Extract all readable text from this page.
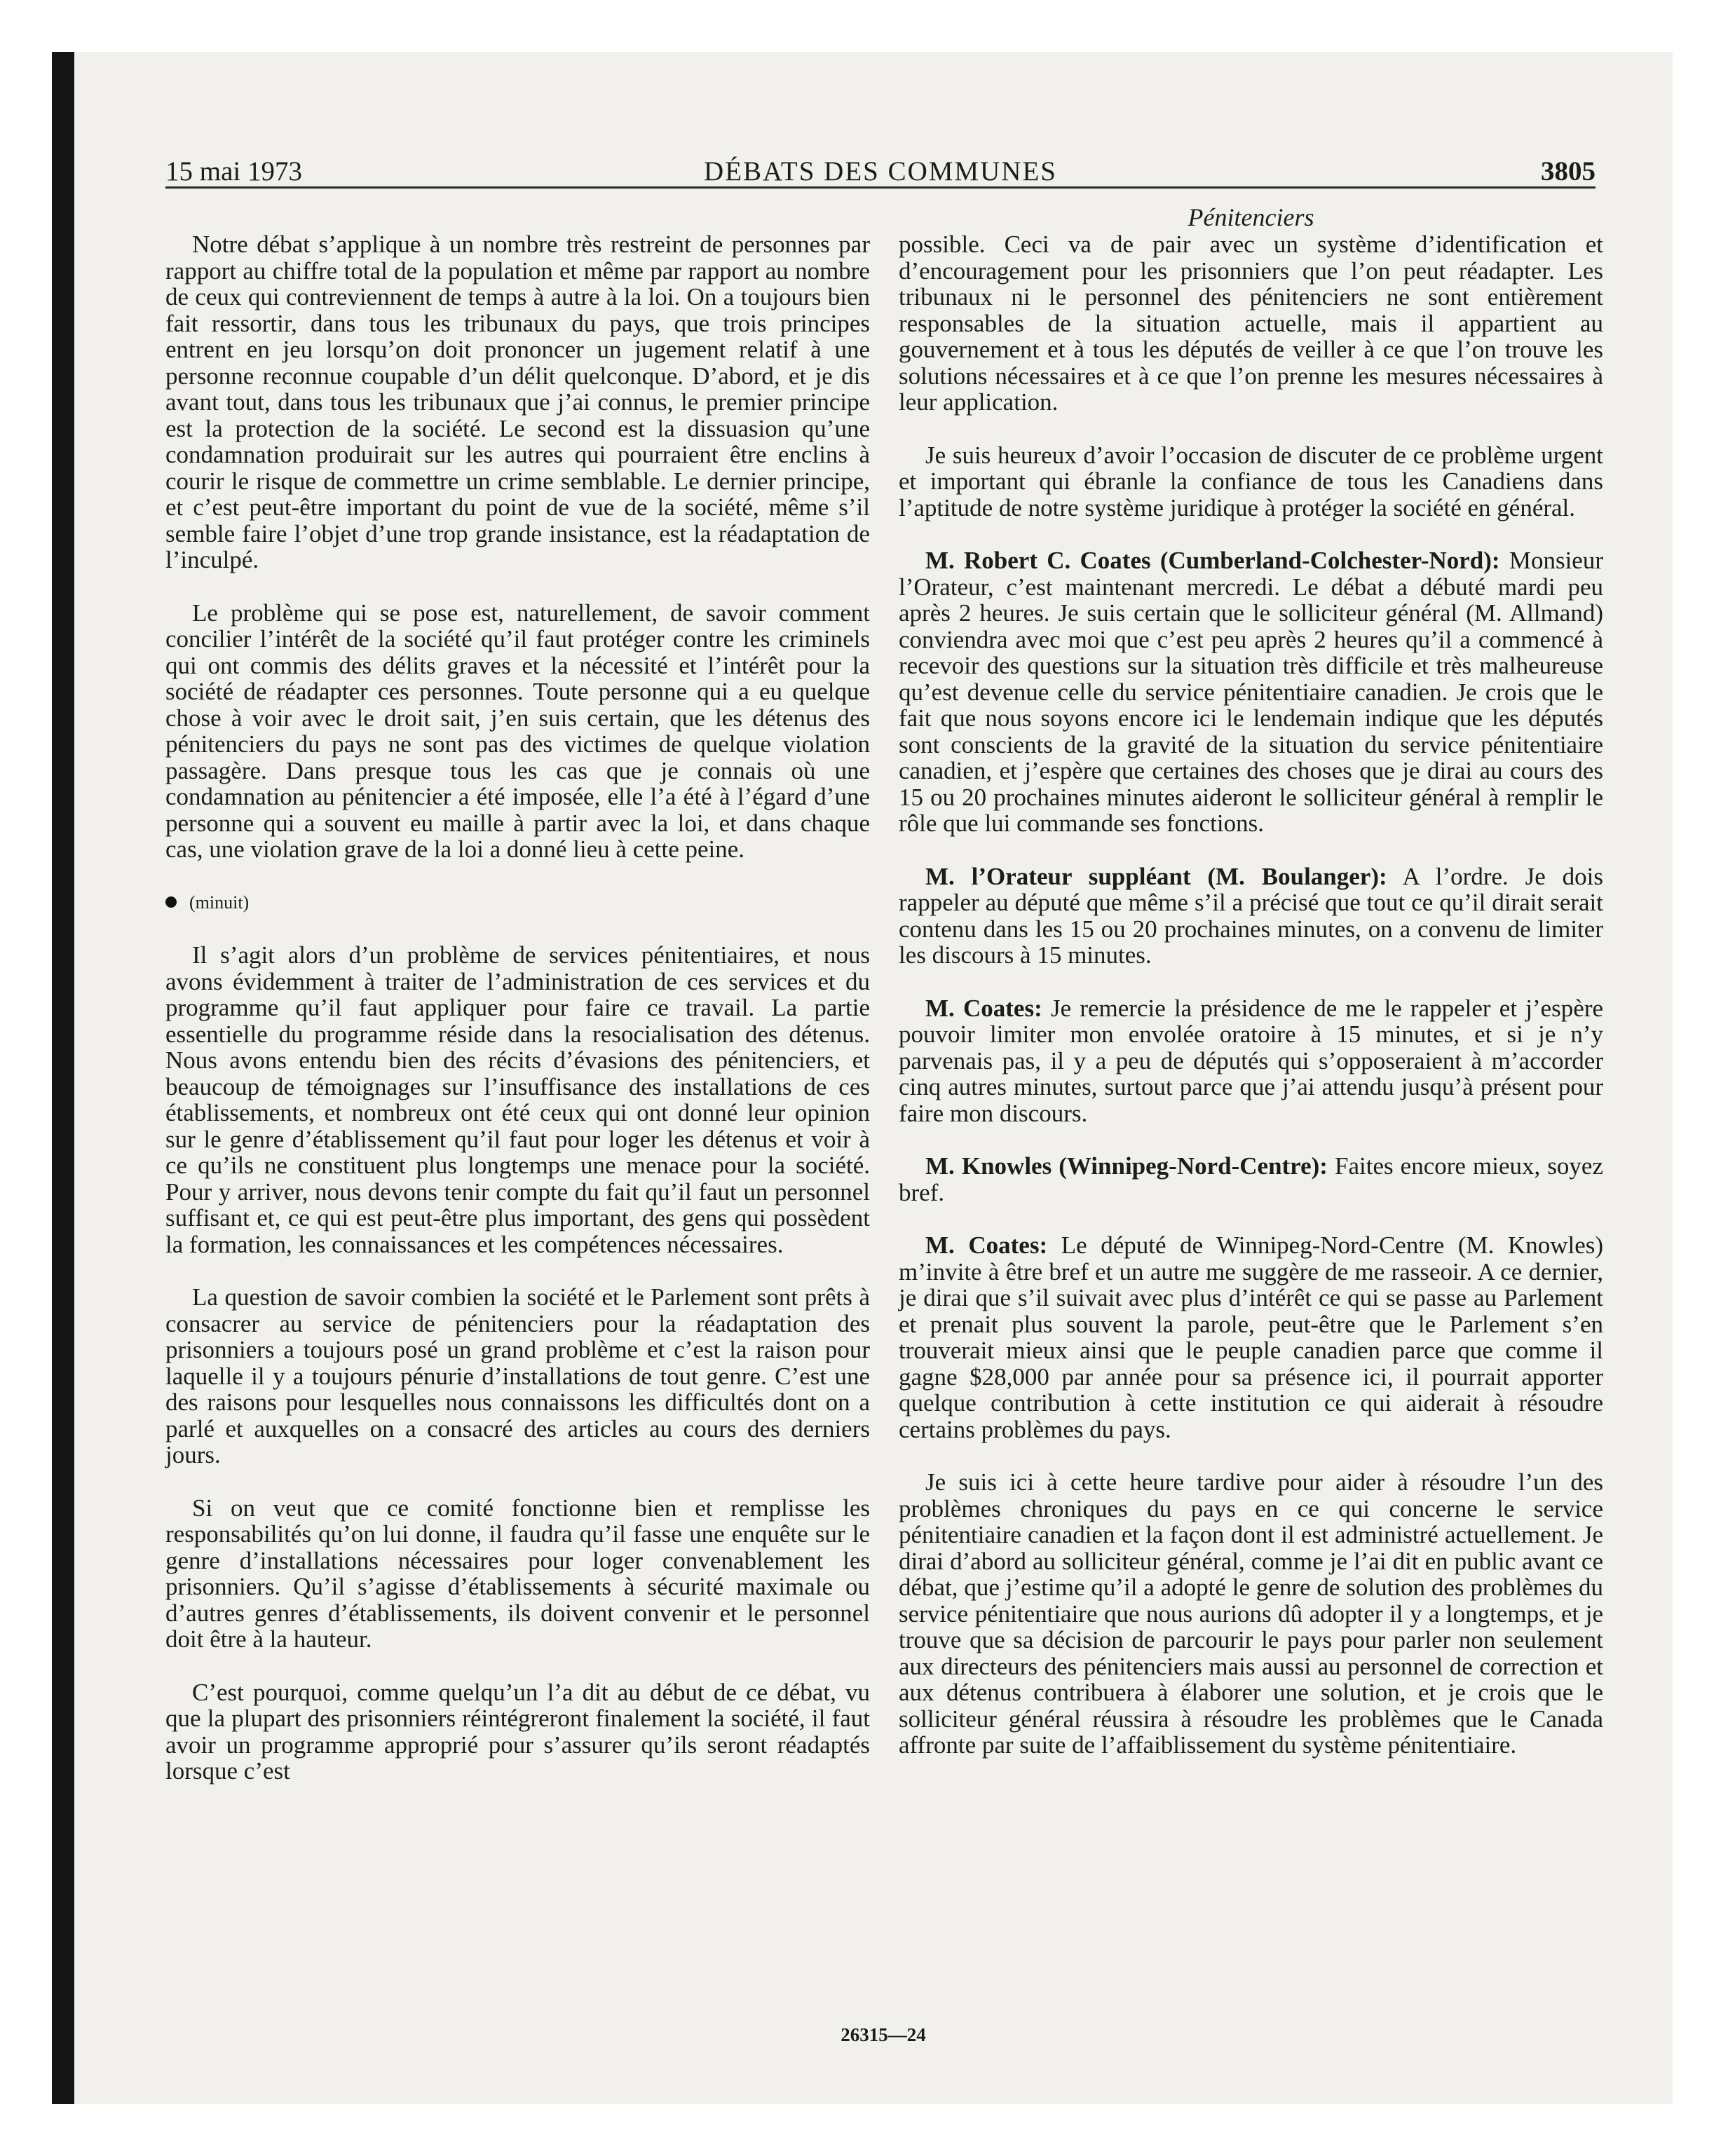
15 mai 1973	DÉBATS DES COMMUNES	3805

Notre débat s’applique à un nombre très restreint de personnes par rapport au chiffre total de la population et même par rapport au nombre de ceux qui contreviennent de temps à autre à la loi. On a toujours bien fait ressortir, dans tous les tribunaux du pays, que trois principes entrent en jeu lorsqu’on doit prononcer un jugement relatif à une personne reconnue coupable d’un délit quelconque. D’abord, et je dis avant tout, dans tous les tribunaux que j’ai connus, le premier principe est la protection de la société. Le second est la dissuasion qu’une condamnation produirait sur les autres qui pourraient être enclins à courir le risque de commettre un crime semblable. Le dernier principe, et c’est peut-être important du point de vue de la société, même s’il semble faire l’objet d’une trop grande insistance, est la réadaptation de l’inculpé.

Le problème qui se pose est, naturellement, de savoir comment concilier l’intérêt de la société qu’il faut protéger contre les criminels qui ont commis des délits graves et la nécessité et l’intérêt pour la société de réadapter ces personnes. Toute personne qui a eu quelque chose à voir avec le droit sait, j’en suis certain, que les détenus des pénitenciers du pays ne sont pas des victimes de quelque violation passagère. Dans presque tous les cas que je connais où une condamnation au pénitencier a été imposée, elle l’a été à l’égard d’une personne qui a souvent eu maille à partir avec la loi, et dans chaque cas, une violation grave de la loi a donné lieu à cette peine.

(minuit)

Il s’agit alors d’un problème de services pénitentiaires, et nous avons évidemment à traiter de l’administration de ces services et du programme qu’il faut appliquer pour faire ce travail. La partie essentielle du programme réside dans la resocialisation des détenus. Nous avons entendu bien des récits d’évasions des pénitenciers, et beaucoup de témoignages sur l’insuffisance des installations de ces établissements, et nombreux ont été ceux qui ont donné leur opinion sur le genre d’établissement qu’il faut pour loger les détenus et voir à ce qu’ils ne constituent plus longtemps une menace pour la société. Pour y arriver, nous devons tenir compte du fait qu’il faut un personnel suffisant et, ce qui est peut-être plus important, des gens qui possèdent la formation, les connaissances et les compétences nécessaires.

La question de savoir combien la société et le Parlement sont prêts à consacrer au service de pénitenciers pour la réadaptation des prisonniers a toujours posé un grand problème et c’est la raison pour laquelle il y a toujours pénurie d’installations de tout genre. C’est une des raisons pour lesquelles nous connaissons les difficultés dont on a parlé et auxquelles on a consacré des articles au cours des derniers jours.

Si on veut que ce comité fonctionne bien et remplisse les responsabilités qu’on lui donne, il faudra qu’il fasse une enquête sur le genre d’installations nécessaires pour loger convenablement les prisonniers. Qu’il s’agisse d’établissements à sécurité maximale ou d’autres genres d’établissements, ils doivent convenir et le personnel doit être à la hauteur.

C’est pourquoi, comme quelqu’un l’a dit au début de ce débat, vu que la plupart des prisonniers réintégreront finalement la société, il faut avoir un programme approprié pour s’assurer qu’ils seront réadaptés lorsque c’est

Pénitenciers

possible. Ceci va de pair avec un système d’identification et d’encouragement pour les prisonniers que l’on peut réadapter. Les tribunaux ni le personnel des pénitenciers ne sont entièrement responsables de la situation actuelle, mais il appartient au gouvernement et à tous les députés de veiller à ce que l’on trouve les solutions nécessaires et à ce que l’on prenne les mesures nécessaires à leur application.

Je suis heureux d’avoir l’occasion de discuter de ce problème urgent et important qui ébranle la confiance de tous les Canadiens dans l’aptitude de notre système juridique à protéger la société en général.

M. Robert C. Coates (Cumberland-Colchester-Nord): Monsieur l’Orateur, c’est maintenant mercredi. Le débat a débuté mardi peu après 2 heures. Je suis certain que le solliciteur général (M. Allmand) conviendra avec moi que c’est peu après 2 heures qu’il a commencé à recevoir des questions sur la situation très difficile et très malheureuse qu’est devenue celle du service pénitentiaire canadien. Je crois que le fait que nous soyons encore ici le lendemain indique que les députés sont conscients de la gravité de la situation du service pénitentiaire canadien, et j’espère que certaines des choses que je dirai au cours des 15 ou 20 prochaines minutes aideront le solliciteur général à remplir le rôle que lui commande ses fonctions.

M. l’Orateur suppléant (M. Boulanger): A l’ordre. Je dois rappeler au député que même s’il a précisé que tout ce qu’il dirait serait contenu dans les 15 ou 20 prochaines minutes, on a convenu de limiter les discours à 15 minutes.

M. Coates: Je remercie la présidence de me le rappeler et j’espère pouvoir limiter mon envolée oratoire à 15 minutes, et si je n’y parvenais pas, il y a peu de députés qui s’opposeraient à m’accorder cinq autres minutes, surtout parce que j’ai attendu jusqu’à présent pour faire mon discours.

M. Knowles (Winnipeg-Nord-Centre): Faites encore mieux, soyez bref.

M. Coates: Le député de Winnipeg-Nord-Centre (M. Knowles) m’invite à être bref et un autre me suggère de me rasseoir. A ce dernier, je dirai que s’il suivait avec plus d’intérêt ce qui se passe au Parlement et prenait plus souvent la parole, peut-être que le Parlement s’en trouverait mieux ainsi que le peuple canadien parce que comme il gagne $28,000 par année pour sa présence ici, il pourrait apporter quelque contribution à cette institution ce qui aiderait à résoudre certains problèmes du pays.

Je suis ici à cette heure tardive pour aider à résoudre l’un des problèmes chroniques du pays en ce qui concerne le service pénitentiaire canadien et la façon dont il est administré actuellement. Je dirai d’abord au solliciteur général, comme je l’ai dit en public avant ce débat, que j’estime qu’il a adopté le genre de solution des problèmes du service pénitentiaire que nous aurions dû adopter il y a longtemps, et je trouve que sa décision de parcourir le pays pour parler non seulement aux directeurs des pénitenciers mais aussi au personnel de correction et aux détenus contribuera à élaborer une solution, et je crois que le solliciteur général réussira à résoudre les problèmes que le Canada affronte par suite de l’affaiblissement du système pénitentiaire.

26315—24
